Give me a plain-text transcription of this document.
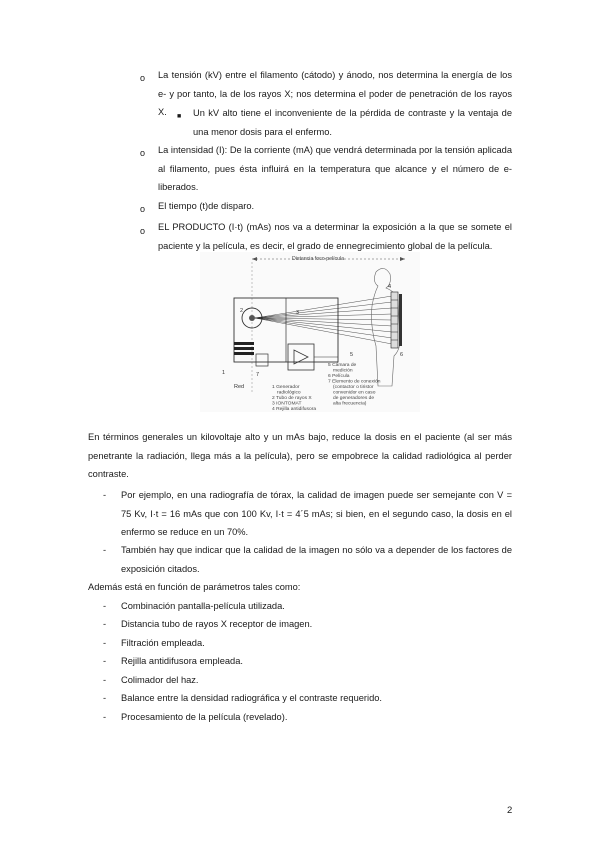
o	La tensión (kV) entre el filamento (cátodo) y ánodo, nos determina la energía de los e- y por tanto, la de los rayos X; nos determina el poder de penetración de los rayos X.	■ Un kV alto tiene el inconveniente de la pérdida de contraste y la ventaja de una menor dosis para el enfermo.
o	La intensidad (I): De la corriente (mA) que vendrá determinada por la tensión aplicada al filamento, pues ésta influirá en la temperatura que alcance y el número de e- liberados.
o	El tiempo (t)de disparo.
o	EL PRODUCTO (I·t) (mAs) nos va a determinar la exposición a la que se somete el paciente y la película, es decir, el grado de ennegrecimiento global de la película.
Distancia foco-película
2	3
1	7
5	6
4
Red	1 Generador
radiológico
2 Tubo de rayos X
3 IONTOMAT
4 Rejilla antidifusora
5 Cámara de
medición
6 Película
7 Elemento de conexión
(contactor o tiristor
convenidor en caso
de generadores de
alta frecuencia)
En términos generales un kilovoltaje alto y un mAs bajo, reduce la dosis en el paciente (al ser más penetrante la radiación, llega más a la película), pero se empobrece la calidad radiológica al perder contraste.
-	Por ejemplo, en una radiografía de tórax, la calidad de imagen puede ser semejante con V = 75 Kv, I·t = 16 mAs que con 100 Kv, I·t = 4´5 mAs; si bien, en el segundo caso, la dosis en el enfermo se reduce en un 70%.
-	También hay que indicar que la calidad de la imagen no sólo va a depender de los factores de exposición citados.
Además está en función de parámetros tales como:
-	Combinación pantalla-película utilizada.
-	Distancia tubo de rayos X receptor de imagen.
-	Filtración empleada.
-	Rejilla antidifusora empleada.
-	Colimador del haz.
-	Balance entre la densidad radiográfica y el contraste requerido.
-	Procesamiento de la película (revelado).
2
